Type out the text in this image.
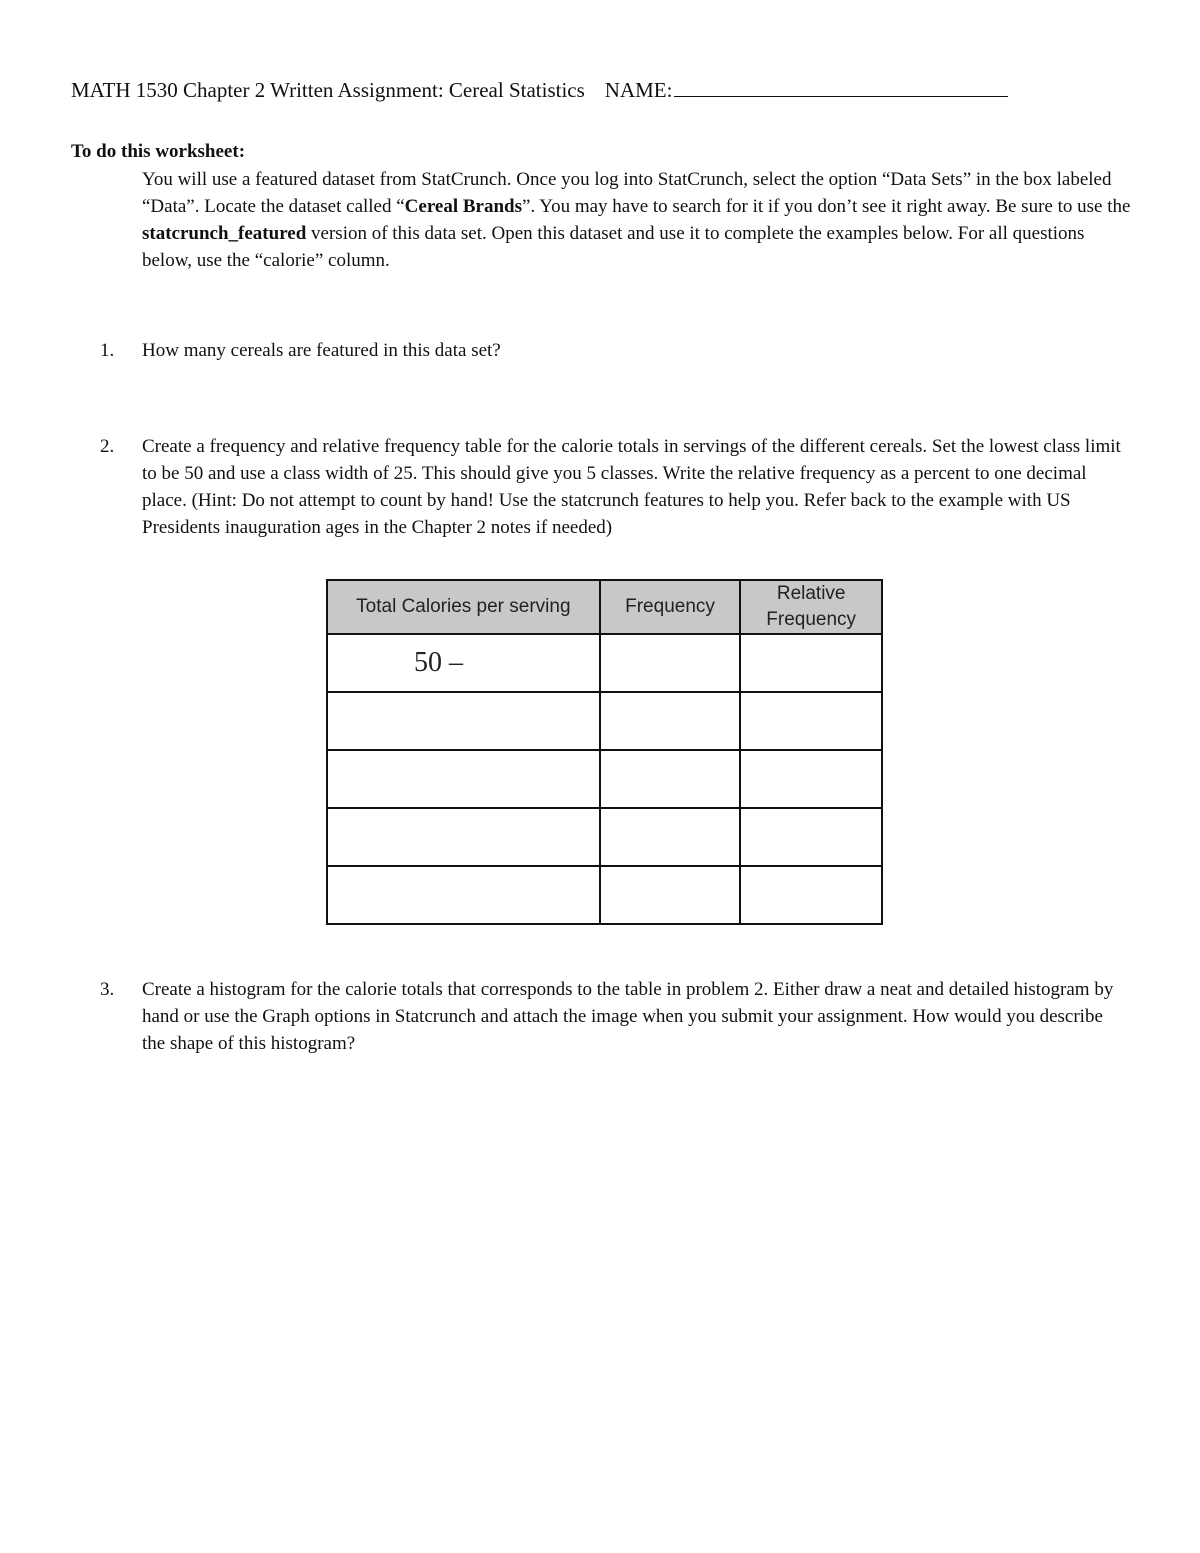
MATH 1530 Chapter 2 Written Assignment: Cereal Statistics NAME:
To do this worksheet:
You will use a featured dataset from StatCrunch. Once you log into StatCrunch, select the option “Data Sets” in the box labeled “Data”. Locate the dataset called “Cereal Brands”. You may have to search for it if you don’t see it right away. Be sure to use the statcrunch_featured version of this data set. Open this dataset and use it to complete the examples below. For all questions below, use the “calorie” column.
1.	How many cereals are featured in this data set?
2.	Create a frequency and relative frequency table for the calorie totals in servings of the different cereals. Set the lowest class limit to be 50 and use a class width of 25. This should give you 5 classes. Write the relative frequency as a percent to one decimal place. (Hint: Do not attempt to count by hand! Use the statcrunch features to help you. Refer back to the example with US Presidents inauguration ages in the Chapter 2 notes if needed)
Total Calories per serving	Frequency	Relative Frequency
50 –		

3.	Create a histogram for the calorie totals that corresponds to the table in problem 2. Either draw a neat and detailed histogram by hand or use the Graph options in Statcrunch and attach the image when you submit your assignment. How would you describe the shape of this histogram?
